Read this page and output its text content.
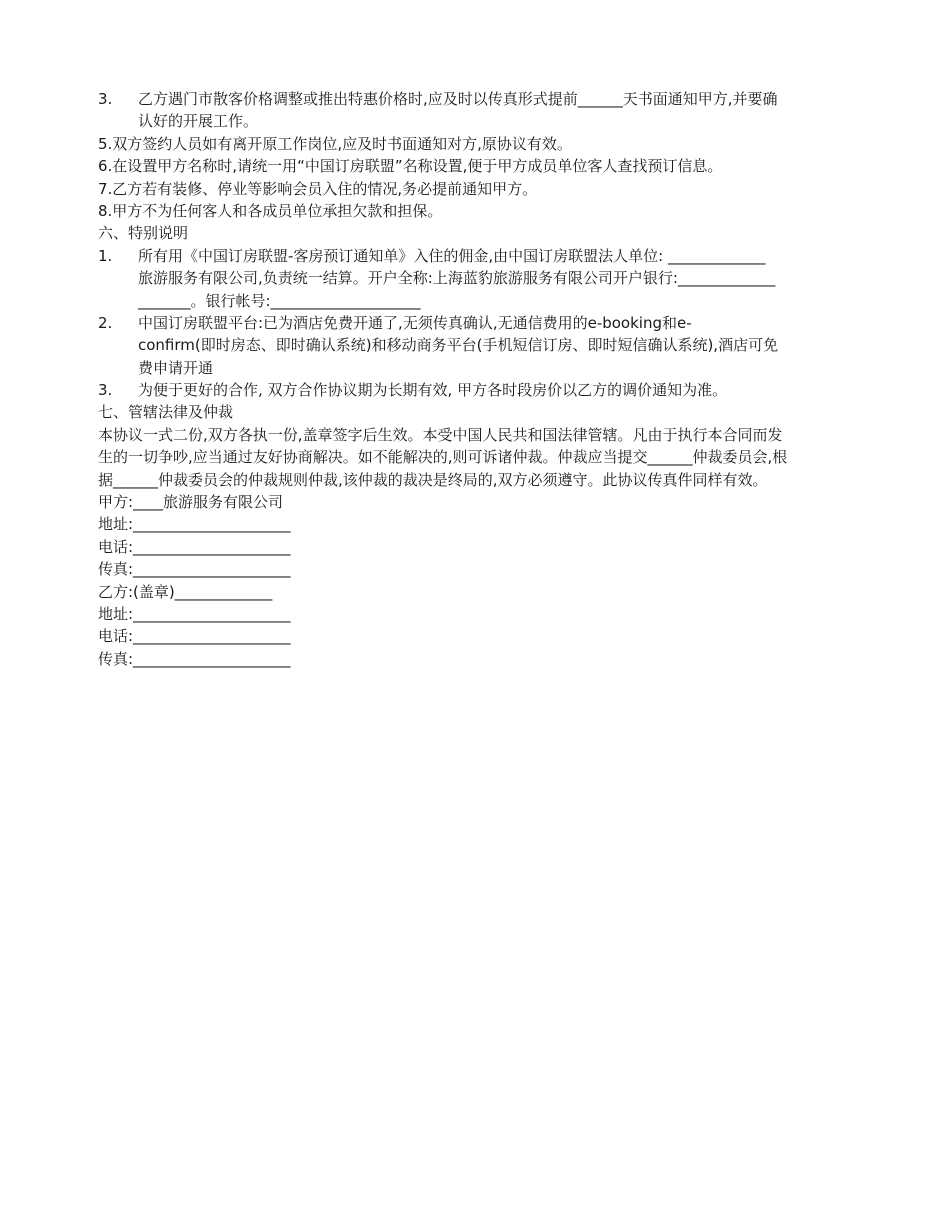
3.	乙方遇门市散客价格调整或推出特惠价格时,应及时以传真形式提前______天书面通知甲方,并要确
认好的开展工作。
5.双方签约人员如有离开原工作岗位,应及时书面通知对方,原协议有效。
6.在设置甲方名称时,请统一用“中国订房联盟”名称设置,便于甲方成员单位客人查找预订信息。
7.乙方若有装修、停业等影响会员入住的情况,务必提前通知甲方。
8.甲方不为任何客人和各成员单位承担欠款和担保。
六、特别说明
1.	所有用《中国订房联盟-客房预订通知单》入住的佣金,由中国订房联盟法人单位: _____________
旅游服务有限公司,负责统一结算。开户全称:上海蓝豹旅游服务有限公司开户银行:_____________
_______。银行帐号:____________________
2.	中国订房联盟平台:已为酒店免费开通了,无须传真确认,无通信费用的e-booking和e-
confirm(即时房态、即时确认系统)和移动商务平台(手机短信订房、即时短信确认系统),酒店可免
费申请开通
3.	为便于更好的合作, 双方合作协议期为长期有效, 甲方各时段房价以乙方的调价通知为准。
七、管辖法律及仲裁
本协议一式二份,双方各执一份,盖章签字后生效。本受中国人民共和国法律管辖。凡由于执行本合同而发
生的一切争吵,应当通过友好协商解决。如不能解决的,则可诉诸仲裁。仲裁应当提交______仲裁委员会,根
据______仲裁委员会的仲裁规则仲裁,该仲裁的裁决是终局的,双方必须遵守。此协议传真件同样有效。
甲方:____旅游服务有限公司
地址:_____________________
电话:_____________________
传真:_____________________
乙方:(盖章)_____________
地址:_____________________
电话:_____________________
传真:_____________________
